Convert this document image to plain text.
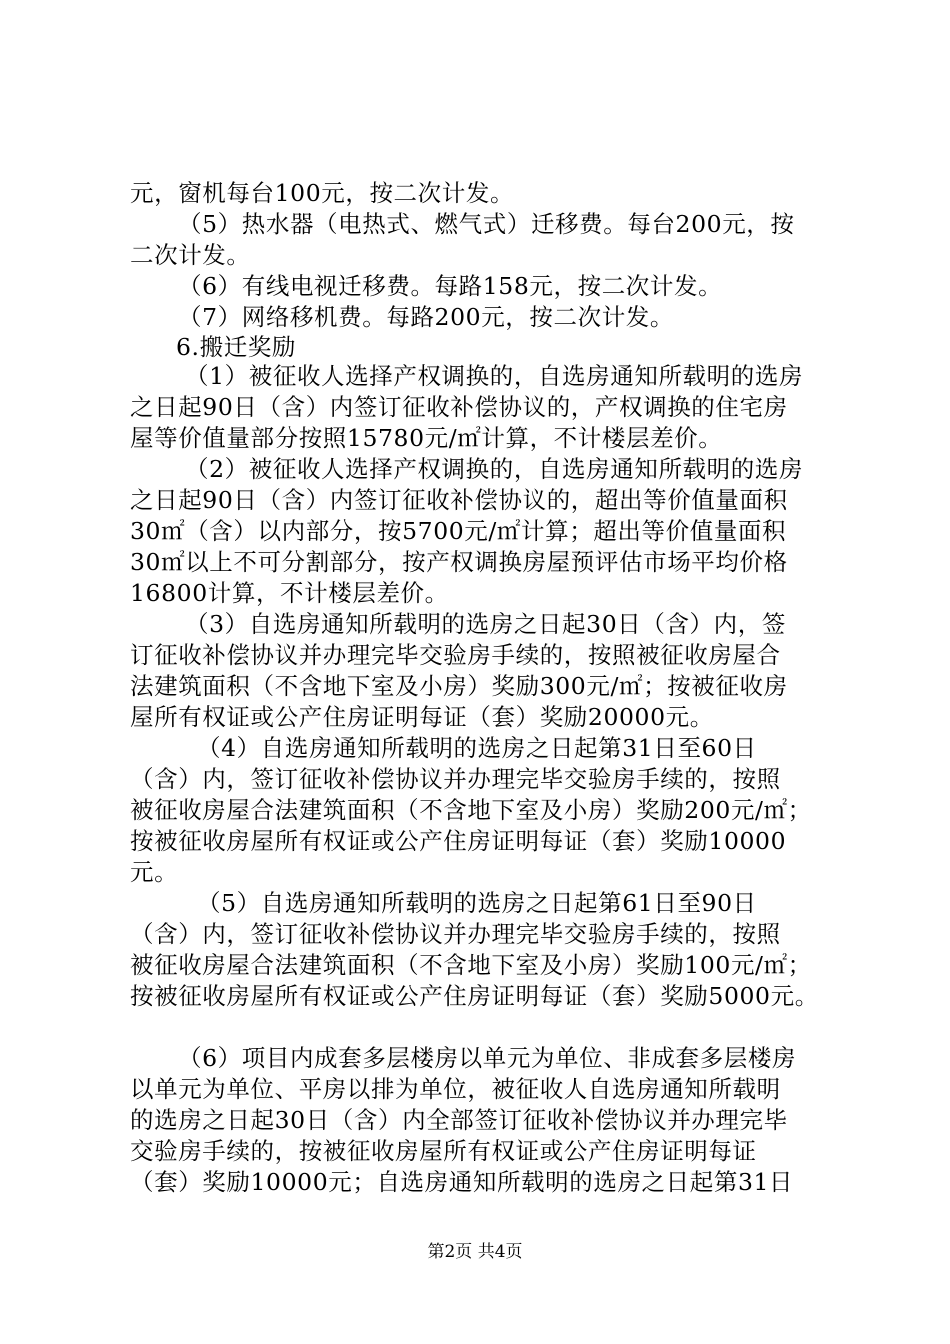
元，窗机每台100元，按二次计发。
（5）热水器（电热式、燃气式）迁移费。每台200元，按
二次计发。
（6）有线电视迁移费。每路158元，按二次计发。
（7）网络移机费。每路200元，按二次计发。
6.搬迁奖励
（1）被征收人选择产权调换的，自选房通知所载明的选房
之日起90日（含）内签订征收补偿协议的，产权调换的住宅房
屋等价值量部分按照15780元/㎡计算，不计楼层差价。
（2）被征收人选择产权调换的，自选房通知所载明的选房
之日起90日（含）内签订征收补偿协议的，超出等价值量面积
30㎡（含）以内部分，按5700元/㎡计算；超出等价值量面积
30㎡以上不可分割部分，按产权调换房屋预评估市场平均价格
16800计算，不计楼层差价。
（3）自选房通知所载明的选房之日起30日（含）内，签
订征收补偿协议并办理完毕交验房手续的，按照被征收房屋合
法建筑面积（不含地下室及小房）奖励300元/㎡；按被征收房
屋所有权证或公产住房证明每证（套）奖励20000元。
（4）自选房通知所载明的选房之日起第31日至60日
（含）内，签订征收补偿协议并办理完毕交验房手续的，按照
被征收房屋合法建筑面积（不含地下室及小房）奖励200元/㎡；
按被征收房屋所有权证或公产住房证明每证（套）奖励10000
元。
（5）自选房通知所载明的选房之日起第61日至90日
（含）内，签订征收补偿协议并办理完毕交验房手续的，按照
被征收房屋合法建筑面积（不含地下室及小房）奖励100元/㎡；
按被征收房屋所有权证或公产住房证明每证（套）奖励5000元。
（6）项目内成套多层楼房以单元为单位、非成套多层楼房
以单元为单位、平房以排为单位，被征收人自选房通知所载明
的选房之日起30日（含）内全部签订征收补偿协议并办理完毕
交验房手续的，按被征收房屋所有权证或公产住房证明每证
（套）奖励10000元；自选房通知所载明的选房之日起第31日
第2页 共4页
